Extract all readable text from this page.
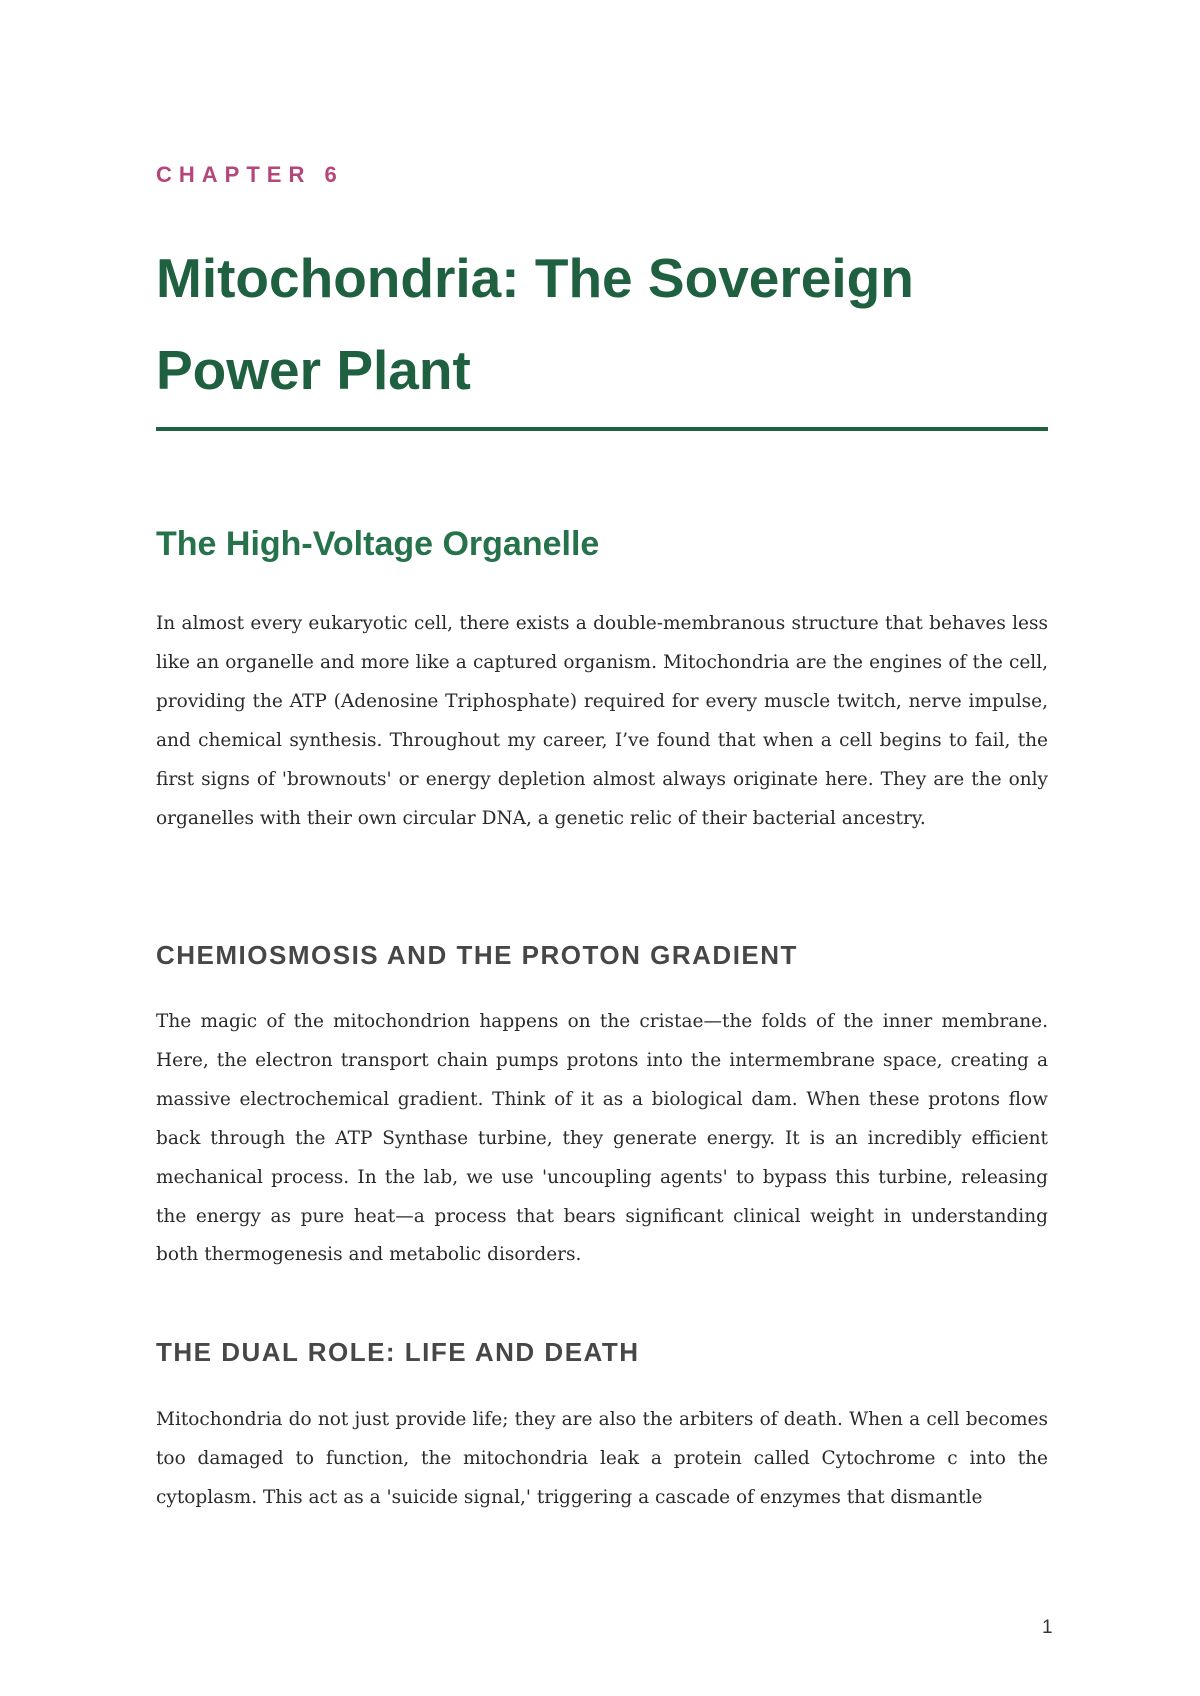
CHAPTER 6

Mitochondria: The Sovereign Power Plant
The High-Voltage Organelle

In almost every eukaryotic cell, there exists a double-membranous structure that behaves less like an organelle and more like a captured organism. Mitochondria are the engines of the cell, providing the ATP (Adenosine Triphosphate) required for every muscle twitch, nerve impulse, and chemical synthesis. Throughout my career, I’ve found that when a cell begins to fail, the first signs of 'brownouts' or energy depletion almost always originate here. They are the only organelles with their own circular DNA, a genetic relic of their bacterial ancestry.

CHEMIOSMOSIS AND THE PROTON GRADIENT

The magic of the mitochondrion happens on the cristae—the folds of the inner membrane. Here, the electron transport chain pumps protons into the intermembrane space, creating a massive electrochemical gradient. Think of it as a biological dam. When these protons flow back through the ATP Synthase turbine, they generate energy. It is an incredibly efficient mechanical process. In the lab, we use 'uncoupling agents' to bypass this turbine, releasing the energy as pure heat—a process that bears significant clinical weight in understanding both thermogenesis and metabolic disorders.

THE DUAL ROLE: LIFE AND DEATH

Mitochondria do not just provide life; they are also the arbiters of death. When a cell becomes too damaged to function, the mitochondria leak a protein called Cytochrome c into the cytoplasm. This act as a 'suicide signal,' triggering a cascade of enzymes that dismantle

1
